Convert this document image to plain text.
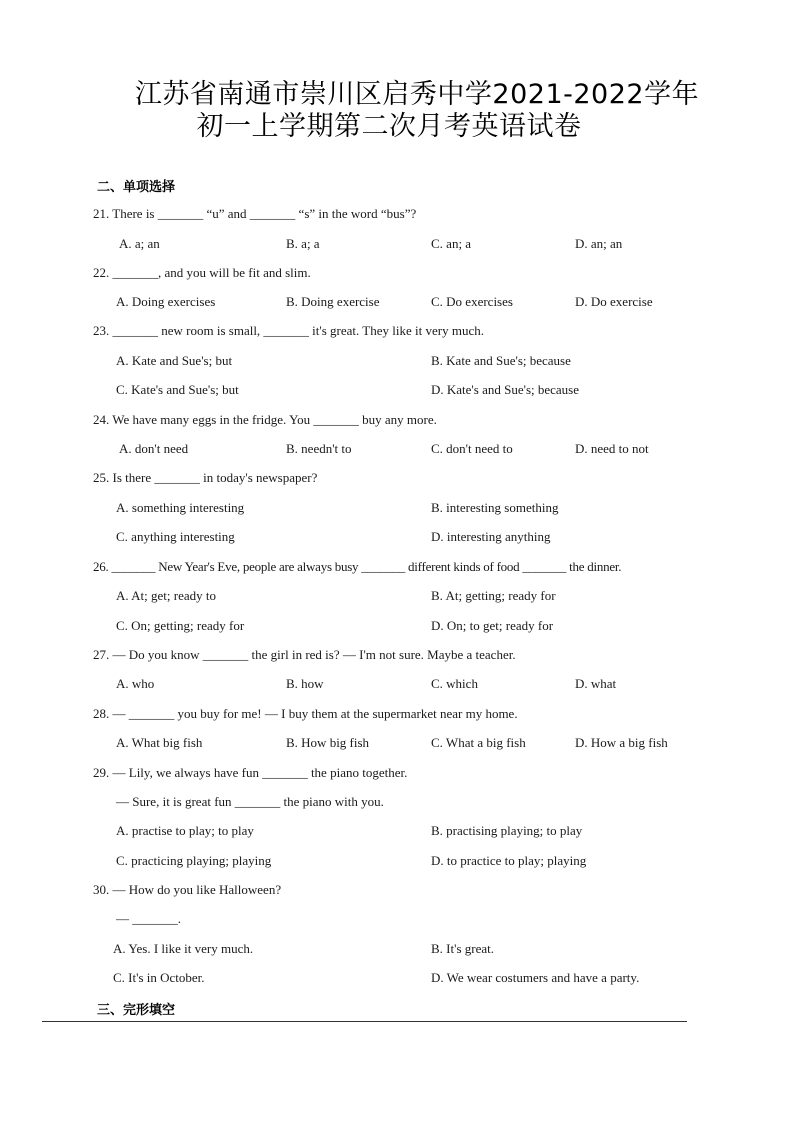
江苏省南通市崇川区启秀中学2021-2022学年
初一上学期第二次月考英语试卷
二、单项选择
21. There is _______ “u” and _______ “s” in the word “bus”?
A. a; an	B. a; a	C. an; a	D. an; an
22. _______, and you will be fit and slim.
A. Doing exercises	B. Doing exercise	C. Do exercises	D. Do exercise
23. _______ new room is small, _______ it's great. They like it very much.
A. Kate and Sue's; but	B. Kate and Sue's; because
C. Kate's and Sue's; but	D. Kate's and Sue's; because
24. We have many eggs in the fridge. You _______ buy any more.
A. don't need	B. needn't to	C. don't need to	D. need to not
25. Is there _______ in today's newspaper?
A. something interesting	B. interesting something
C. anything interesting	D. interesting anything
26. _______ New Year's Eve, people are always busy _______ different kinds of food _______ the dinner.
A. At; get; ready to	B. At; getting; ready for
C. On; getting; ready for	D. On; to get; ready for
27. — Do you know _______ the girl in red is? — I'm not sure. Maybe a teacher.
A. who	B. how	C. which	D. what
28. — _______ you buy for me! — I buy them at the supermarket near my home.
A. What big fish	B. How big fish	C. What a big fish	D. How a big fish
29. — Lily, we always have fun _______ the piano together.
— Sure, it is great fun _______ the piano with you.
A. practise to play; to play	B. practising playing; to play
C. practicing playing; playing	D. to practice to play; playing
30. — How do you like Halloween?
— _______.
A. Yes. I like it very much.	B. It's great.
C. It's in October.	D. We wear costumers and have a party.
三、完形填空
